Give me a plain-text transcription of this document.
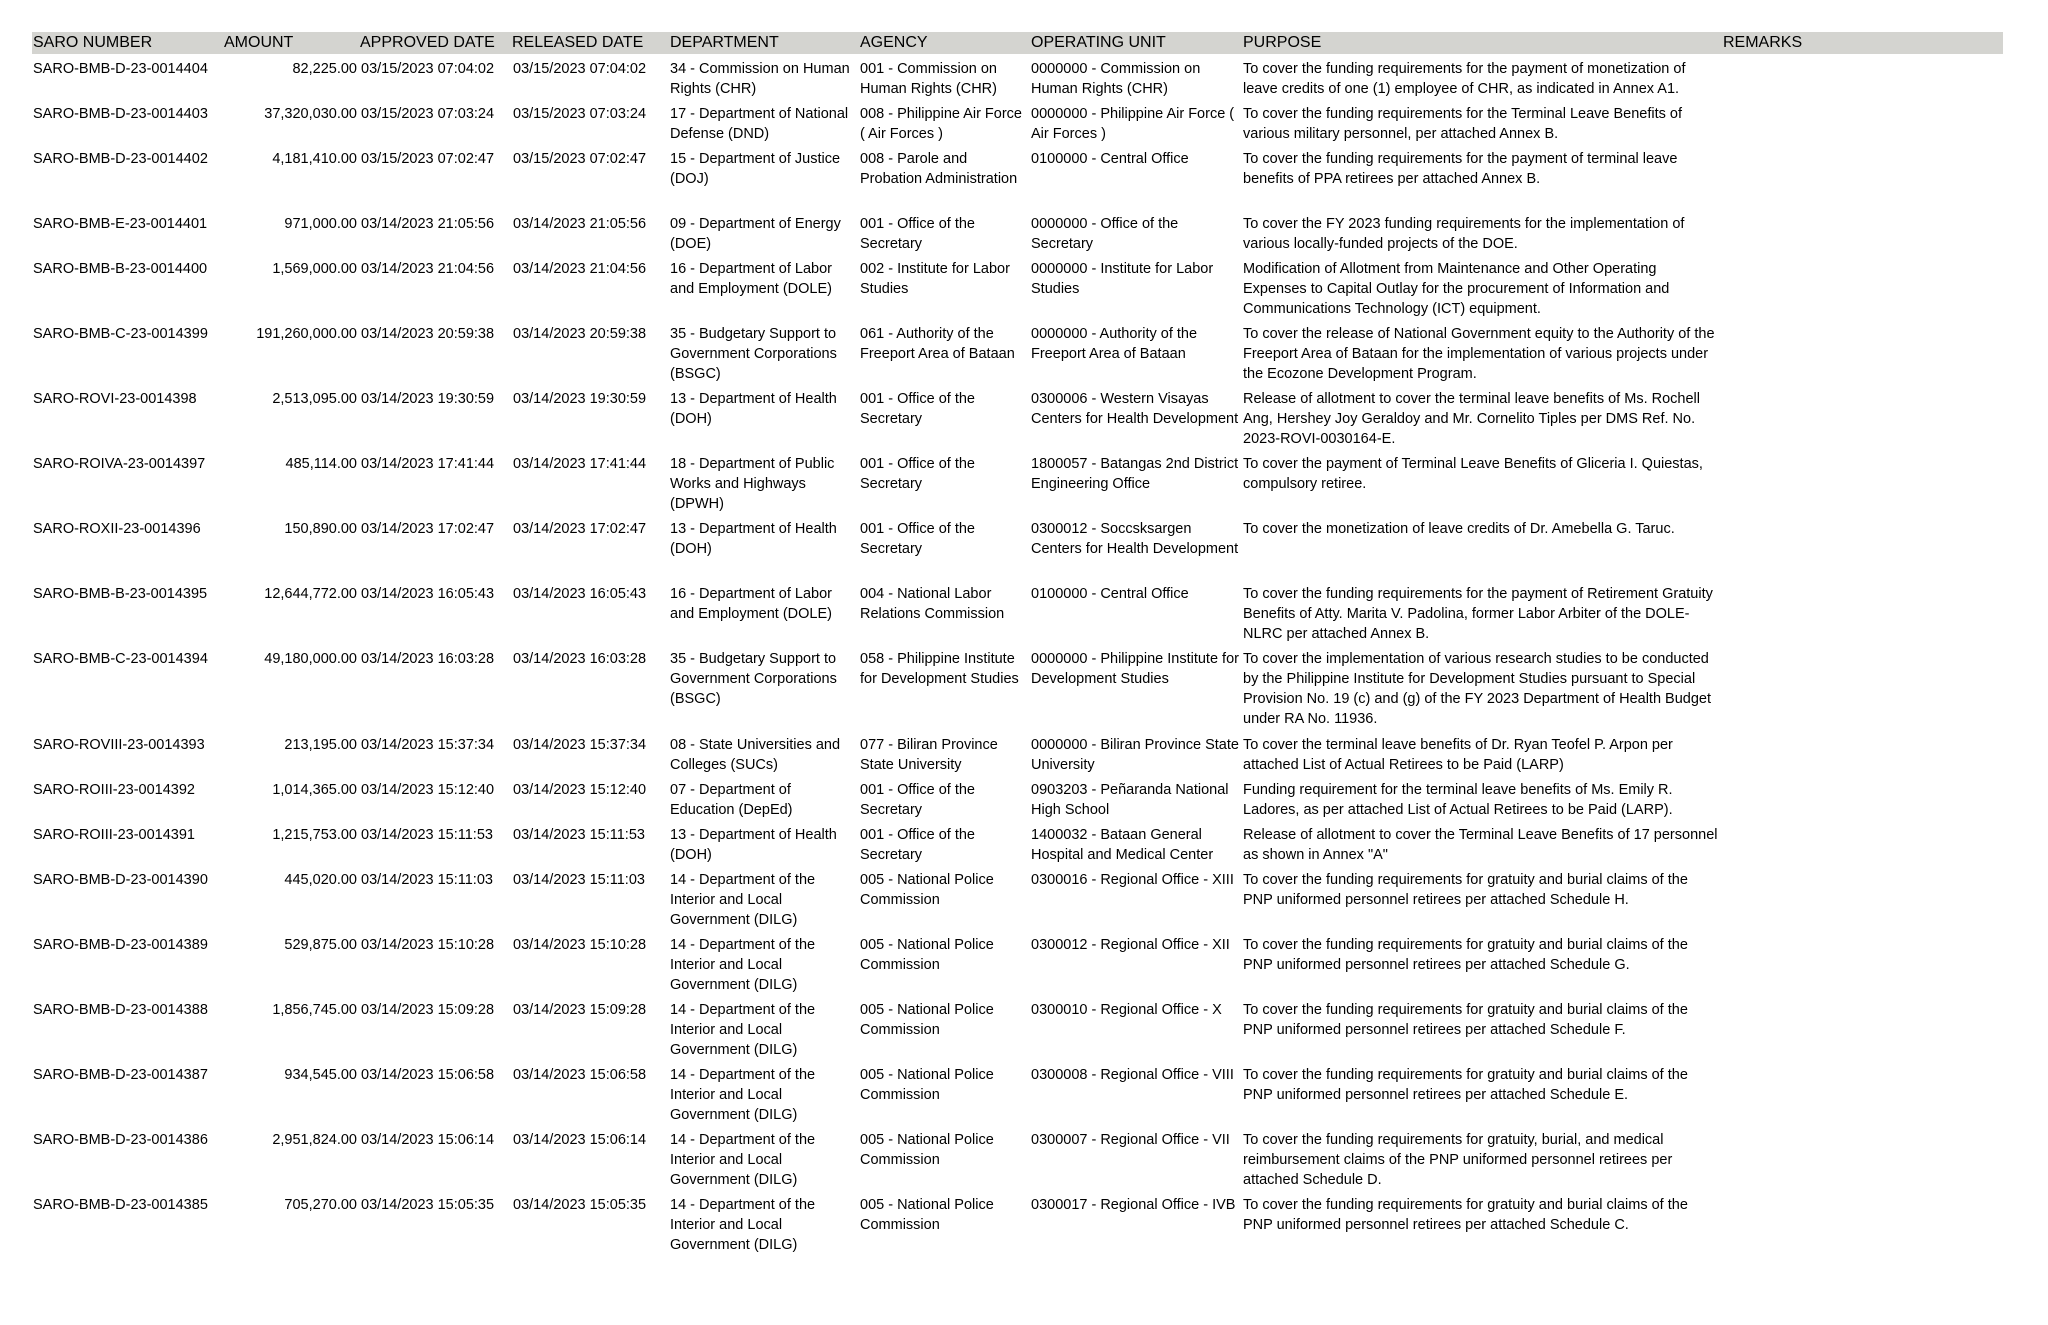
SARO NUMBER	AMOUNT	APPROVED DATE	RELEASED DATE	DEPARTMENT	AGENCY	OPERATING UNIT	PURPOSE	REMARKS
SARO-BMB-D-23-0014404	82,225.00	03/15/2023 07:04:02	03/15/2023 07:04:02	34 - Commission on Human Rights (CHR)	001 - Commission on Human Rights (CHR)	0000000 - Commission on Human Rights (CHR)	To cover the funding requirements for the payment of monetization of leave credits of one (1) employee of CHR, as indicated in Annex A1.	
SARO-BMB-D-23-0014403	37,320,030.00	03/15/2023 07:03:24	03/15/2023 07:03:24	17 - Department of National Defense (DND)	008 - Philippine Air Force ( Air Forces )	0000000 - Philippine Air Force ( Air Forces )	To cover the funding requirements for the Terminal Leave Benefits of various military personnel, per attached Annex B.	
SARO-BMB-D-23-0014402	4,181,410.00	03/15/2023 07:02:47	03/15/2023 07:02:47	15 - Department of Justice (DOJ)	008 - Parole and Probation Administration	0100000 - Central Office	To cover the funding requirements for the payment of terminal leave benefits of PPA retirees per attached Annex B.	
SARO-BMB-E-23-0014401	971,000.00	03/14/2023 21:05:56	03/14/2023 21:05:56	09 - Department of Energy (DOE)	001 - Office of the Secretary	0000000 - Office of the Secretary	To cover the FY 2023 funding requirements for the implementation of various locally-funded projects of the DOE.	
SARO-BMB-B-23-0014400	1,569,000.00	03/14/2023 21:04:56	03/14/2023 21:04:56	16 - Department of Labor and Employment (DOLE)	002 - Institute for Labor Studies	0000000 - Institute for Labor Studies	Modification of Allotment from Maintenance and Other Operating Expenses to Capital Outlay for the procurement of Information and Communications Technology (ICT) equipment.	
SARO-BMB-C-23-0014399	191,260,000.00	03/14/2023 20:59:38	03/14/2023 20:59:38	35 - Budgetary Support to Government Corporations (BSGC)	061 - Authority of the Freeport Area of Bataan	0000000 - Authority of the Freeport Area of Bataan	To cover the release of National Government equity to the Authority of the Freeport Area of Bataan for the implementation of various projects under the Ecozone Development Program.	
SARO-ROVI-23-0014398	2,513,095.00	03/14/2023 19:30:59	03/14/2023 19:30:59	13 - Department of Health (DOH)	001 - Office of the Secretary	0300006 - Western Visayas Centers for Health Development	Release of allotment to cover the terminal leave benefits of Ms. Rochell Ang, Hershey Joy Geraldoy and Mr. Cornelito Tiples per DMS Ref. No. 2023-ROVI-0030164-E.	
SARO-ROIVA-23-0014397	485,114.00	03/14/2023 17:41:44	03/14/2023 17:41:44	18 - Department of Public Works and Highways (DPWH)	001 - Office of the Secretary	1800057 - Batangas 2nd District Engineering Office	To cover the payment of Terminal Leave Benefits of Gliceria I. Quiestas, compulsory retiree.	
SARO-ROXII-23-0014396	150,890.00	03/14/2023 17:02:47	03/14/2023 17:02:47	13 - Department of Health (DOH)	001 - Office of the Secretary	0300012 - Soccsksargen Centers for Health Development	To cover the monetization of leave credits of Dr. Amebella G. Taruc.	
SARO-BMB-B-23-0014395	12,644,772.00	03/14/2023 16:05:43	03/14/2023 16:05:43	16 - Department of Labor and Employment (DOLE)	004 - National Labor Relations Commission	0100000 - Central Office	To cover the funding requirements for the payment of Retirement Gratuity Benefits of Atty. Marita V. Padolina, former Labor Arbiter of the DOLE-NLRC per attached Annex B.	
SARO-BMB-C-23-0014394	49,180,000.00	03/14/2023 16:03:28	03/14/2023 16:03:28	35 - Budgetary Support to Government Corporations (BSGC)	058 - Philippine Institute for Development Studies	0000000 - Philippine Institute for Development Studies	To cover the implementation of various research studies to be conducted by the Philippine Institute for Development Studies pursuant to Special Provision No. 19 (c) and (g) of the FY 2023 Department of Health Budget under RA No. 11936.	
SARO-ROVIII-23-0014393	213,195.00	03/14/2023 15:37:34	03/14/2023 15:37:34	08 - State Universities and Colleges (SUCs)	077 - Biliran Province State University	0000000 - Biliran Province State University	To cover the terminal leave benefits of Dr. Ryan Teofel P. Arpon per attached List of Actual Retirees to be Paid (LARP)	
SARO-ROIII-23-0014392	1,014,365.00	03/14/2023 15:12:40	03/14/2023 15:12:40	07 - Department of Education (DepEd)	001 - Office of the Secretary	0903203 - Peñaranda National High School	Funding requirement for the terminal leave benefits of Ms. Emily R. Ladores, as per attached List of Actual Retirees to be Paid (LARP).	
SARO-ROIII-23-0014391	1,215,753.00	03/14/2023 15:11:53	03/14/2023 15:11:53	13 - Department of Health (DOH)	001 - Office of the Secretary	1400032 - Bataan General Hospital and Medical Center	Release of allotment to cover the Terminal Leave Benefits of 17 personnel as shown in Annex "A"	
SARO-BMB-D-23-0014390	445,020.00	03/14/2023 15:11:03	03/14/2023 15:11:03	14 - Department of the Interior and Local Government (DILG)	005 - National Police Commission	0300016 - Regional Office - XIII	To cover the funding requirements for gratuity and burial claims of the PNP uniformed personnel retirees per attached Schedule H.	
SARO-BMB-D-23-0014389	529,875.00	03/14/2023 15:10:28	03/14/2023 15:10:28	14 - Department of the Interior and Local Government (DILG)	005 - National Police Commission	0300012 - Regional Office - XII	To cover the funding requirements for gratuity and burial claims of the PNP uniformed personnel retirees per attached Schedule G.	
SARO-BMB-D-23-0014388	1,856,745.00	03/14/2023 15:09:28	03/14/2023 15:09:28	14 - Department of the Interior and Local Government (DILG)	005 - National Police Commission	0300010 - Regional Office - X	To cover the funding requirements for gratuity and burial claims of the PNP uniformed personnel retirees per attached Schedule F.	
SARO-BMB-D-23-0014387	934,545.00	03/14/2023 15:06:58	03/14/2023 15:06:58	14 - Department of the Interior and Local Government (DILG)	005 - National Police Commission	0300008 - Regional Office - VIII	To cover the funding requirements for gratuity and burial claims of the PNP uniformed personnel retirees per attached Schedule E.	
SARO-BMB-D-23-0014386	2,951,824.00	03/14/2023 15:06:14	03/14/2023 15:06:14	14 - Department of the Interior and Local Government (DILG)	005 - National Police Commission	0300007 - Regional Office - VII	To cover the funding requirements for gratuity, burial, and medical reimbursement claims of the PNP uniformed personnel retirees per attached Schedule D.	
SARO-BMB-D-23-0014385	705,270.00	03/14/2023 15:05:35	03/14/2023 15:05:35	14 - Department of the Interior and Local Government (DILG)	005 - National Police Commission	0300017 - Regional Office - IVB	To cover the funding requirements for gratuity and burial claims of the PNP uniformed personnel retirees per attached Schedule C.	
